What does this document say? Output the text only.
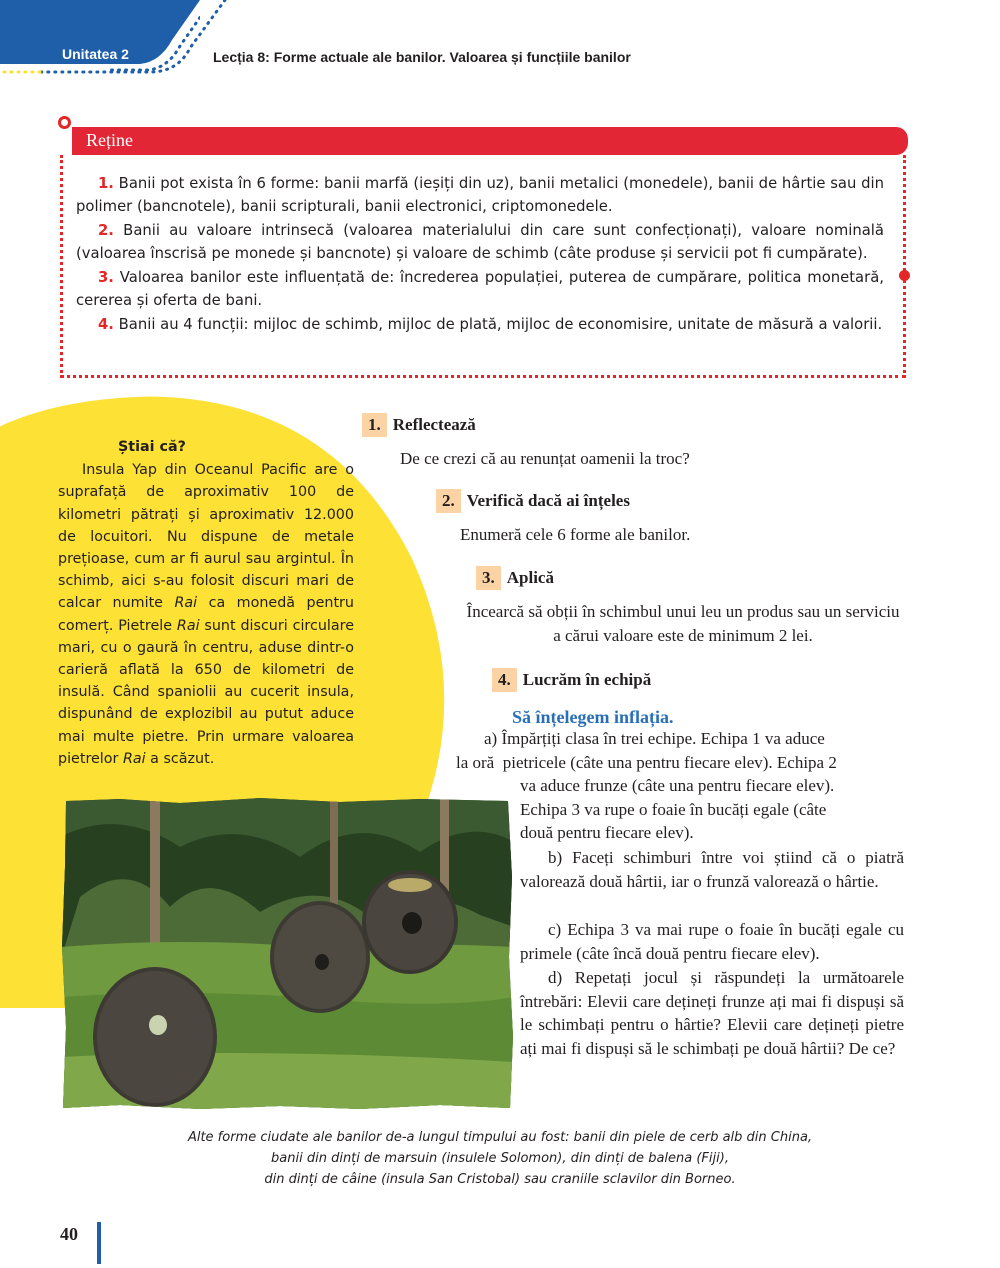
Unitatea 2	Lecția 8: Forme actuale ale banilor. Valoarea și funcțiile banilor
Reține

1. Banii pot exista în 6 forme: banii marfă (ieșiți din uz), banii metalici (monedele), banii de hârtie sau din polimer (bancnotele), banii scripturali, banii electronici, criptomonedele.

2. Banii au valoare intrinsecă (valoarea materialului din care sunt confecționați), valoare nominală (valoarea înscrisă pe monede și bancnote) și valoare de schimb (câte produse și servicii pot fi cumpărate).

3. Valoarea banilor este influențată de: încrederea populației, puterea de cumpărare, politica monetară, cererea și oferta de bani.

4. Banii au 4 funcții: mijloc de schimb, mijloc de plată, mijloc de economisire, unitate de măsură a valorii.

Știai că?
Insula Yap din Oceanul Pacific are o suprafață de aproximativ 100 de kilometri pătrați și aproximativ 12.000 de locuitori. Nu dispune de metale prețioase, cum ar fi aurul sau argintul. În schimb, aici s-au folosit discuri mari de calcar numite Rai ca monedă pentru comerț. Pietrele Rai sunt discuri circulare mari, cu o gaură în centru, aduse dintr-o carieră aflată la 650 de kilometri de insulă. Când spaniolii au cucerit insula, dispunând de explozibil au putut aduce mai multe pietre. Prin urmare valoarea pietrelor Rai a scăzut.
1. Reflectează
De ce crezi că au renunțat oamenii la troc?
2. Verifică dacă ai înțeles
Enumeră cele 6 forme ale banilor.
3. Aplică
Încearcă să obții în schimbul unui leu un produs sau un serviciu a cărui valoare este de minimum 2 lei.
4. Lucrăm în echipă
Să înțelegem inflația.
a) Împărțiți clasa în trei echipe. Echipa 1 va aduce
la oră  pietricele (câte una pentru fiecare elev). Echipa 2
va aduce frunze (câte una pentru fiecare elev).
Echipa 3 va rupe o foaie în bucăți egale (câte
două pentru fiecare elev).
b) Faceți schimburi între voi știind că o piatră valorează două hârtii, iar o frunză valorează o hârtie.
c) Echipa 3 va mai rupe o foaie în bucăți egale cu primele (câte încă două pentru fiecare elev).
d) Repetați jocul și răspundeți la următoarele întrebări: Elevii care dețineți frunze ați mai fi dispuși să le schimbați pentru o hârtie? Elevii care dețineți pietre ați mai fi dispuși să le schimbați pe două hârtii? De ce?
Alte forme ciudate ale banilor de-a lungul timpului au fost: banii din piele de cerb alb din China,
banii din dinți de marsuin (insulele Solomon), din dinți de balena (Fiji),
din dinți de câine (insula San Cristobal) sau craniile sclavilor din Borneo.
40
